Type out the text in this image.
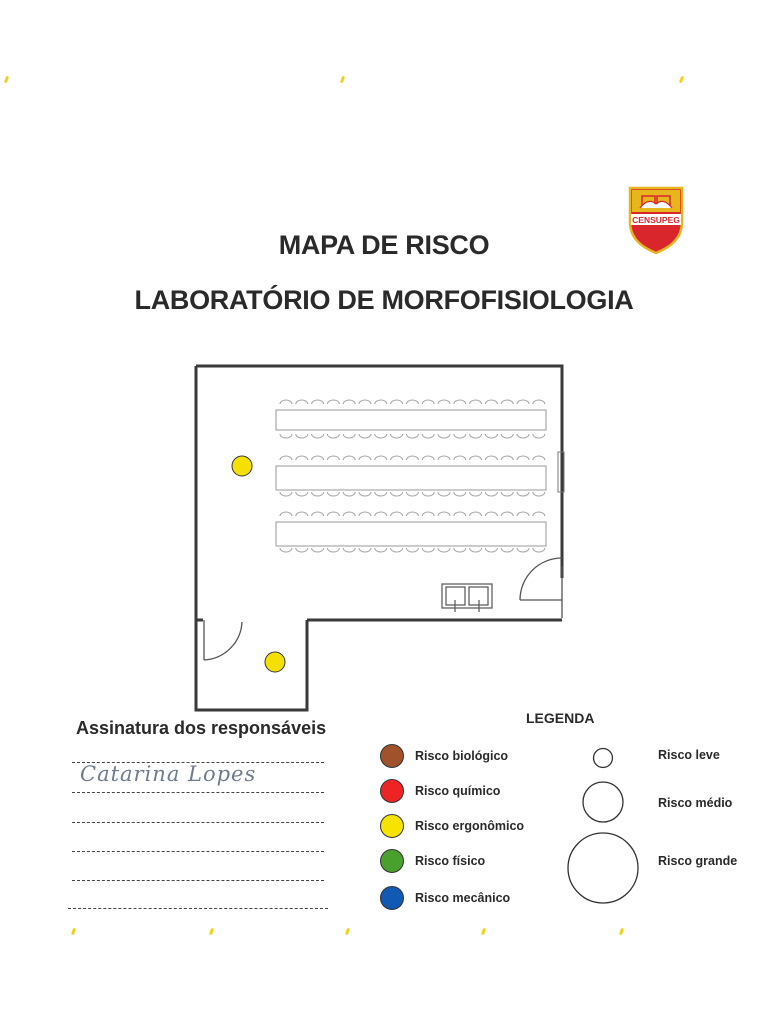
CENSUPEG
MAPA DE RISCO
LABORATÓRIO DE MORFOFISIOLOGIA
Assinatura dos responsáveis
Catarina Lopes
LEGENDA
Risco biológico
Risco químico
Risco ergonômico
Risco físico
Risco mecânico
Risco leve
Risco médio
Risco grande
